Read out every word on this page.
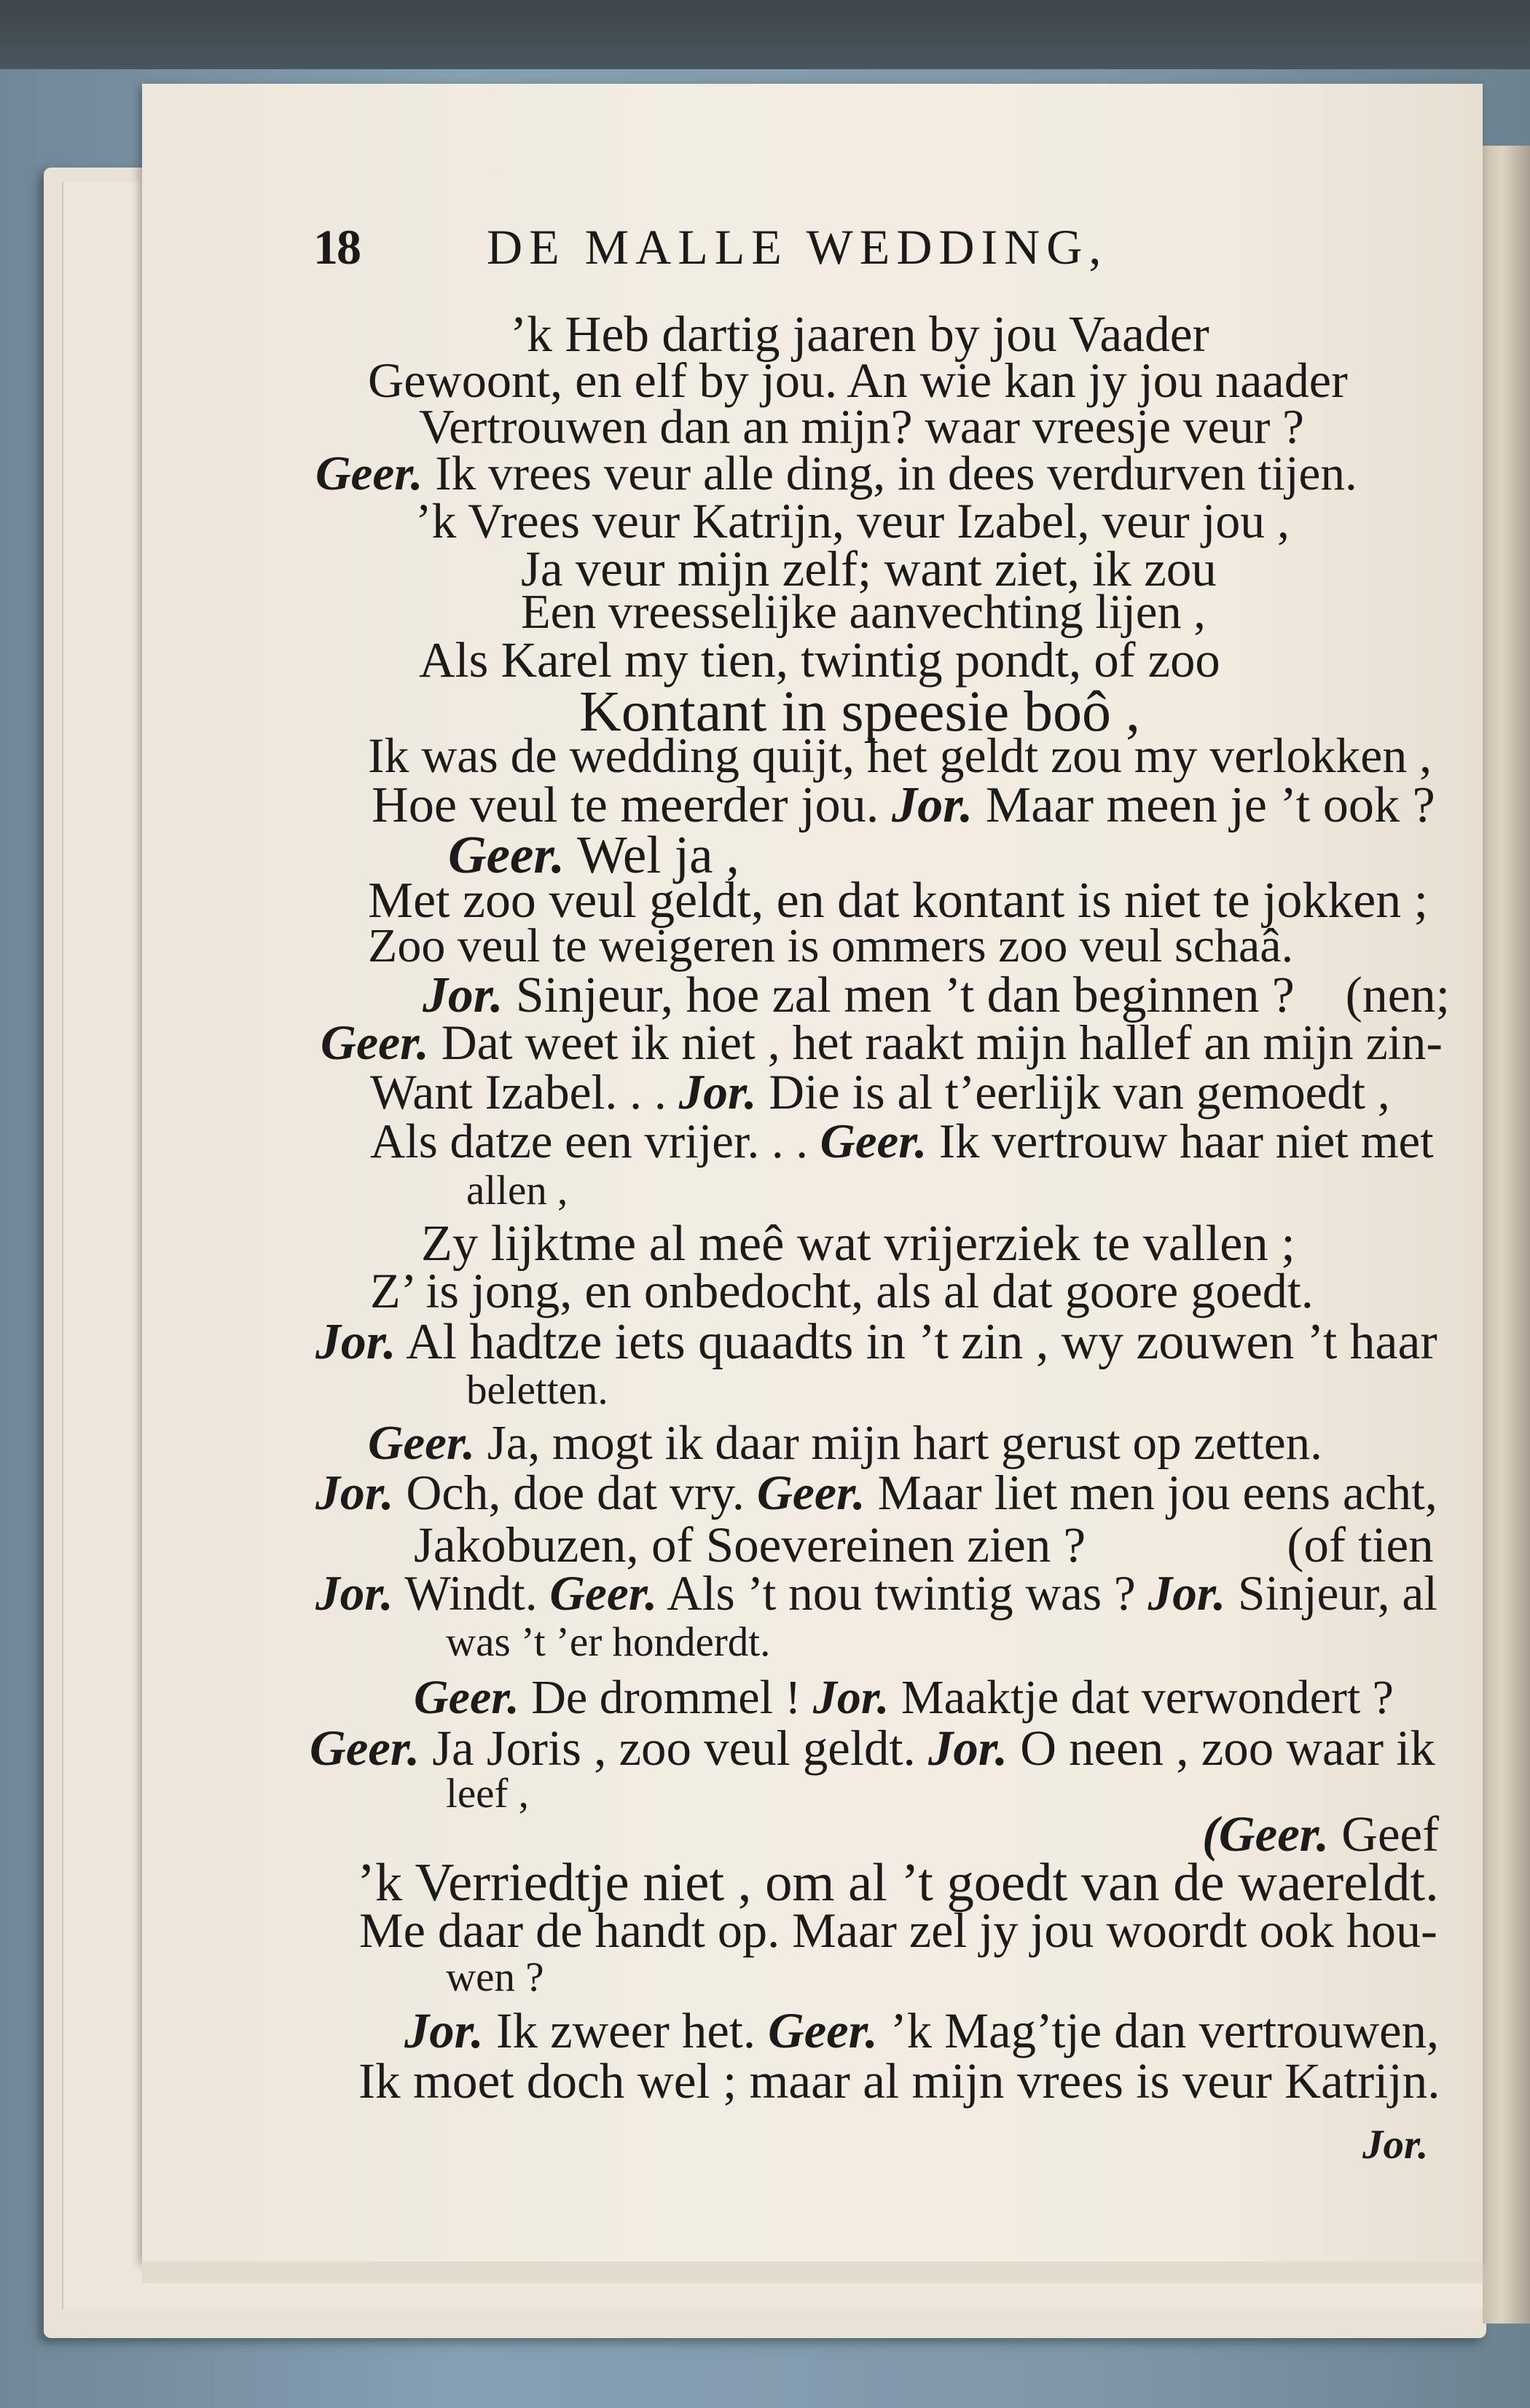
18	DE MALLE WEDDING,
’k Heb dartig jaaren by jou Vaader
Gewoont, en elf by jou. An wie kan jy jou naader
Vertrouwen dan an mijn? waar vreesje veur ?
Geer. Ik vrees veur alle ding, in dees verdurven tijen.
’k Vrees veur Katrijn, veur Izabel, veur jou ,
Ja veur mijn zelf; want ziet, ik zou
Een vreesselijke aanvechting lijen ,
Als Karel my tien, twintig pondt, of zoo
Kontant in speesie boô ,
Ik was de wedding quijt, het geldt zou my verlokken ,
Hoe veul te meerder jou. Jor. Maar meen je ’t ook ?
Geer. Wel ja ,
Met zoo veul geldt, en dat kontant is niet te jokken ;
Zoo veul te weigeren is ommers zoo veul schaâ.
Jor. Sinjeur, hoe zal men ’t dan beginnen ?    (nen;
Geer. Dat weet ik niet , het raakt mijn hallef an mijn zin-
Want Izabel. . . Jor. Die is al t’eerlijk van gemoedt ,
Als datze een vrijer. . . Geer. Ik vertrouw haar niet met
allen ,
Zy lijktme al meê wat vrijerziek te vallen ;
Z’ is jong, en onbedocht, als al dat goore goedt.
Jor. Al hadtze iets quaadts in ’t zin , wy zouwen ’t haar
beletten.
Geer. Ja, mogt ik daar mijn hart gerust op zetten.
Jor. Och, doe dat vry. Geer. Maar liet men jou eens acht,
Jakobuzen, of Soevereinen zien ?                (of tien
Jor. Windt. Geer. Als ’t nou twintig was ? Jor. Sinjeur, al
was ’t ’er honderdt.
Geer. De drommel ! Jor. Maaktje dat verwondert ?
Geer. Ja Joris , zoo veul geldt. Jor. O neen , zoo waar ik
leef ,
(Geer. Geef
’k Verriedtje niet , om al ’t goedt van de waereldt.
Me daar de handt op. Maar zel jy jou woordt ook hou-
wen ?
Jor. Ik zweer het. Geer. ’k Mag’tje dan vertrouwen,
Ik moet doch wel ; maar al mijn vrees is veur Katrijn.
Jor.
